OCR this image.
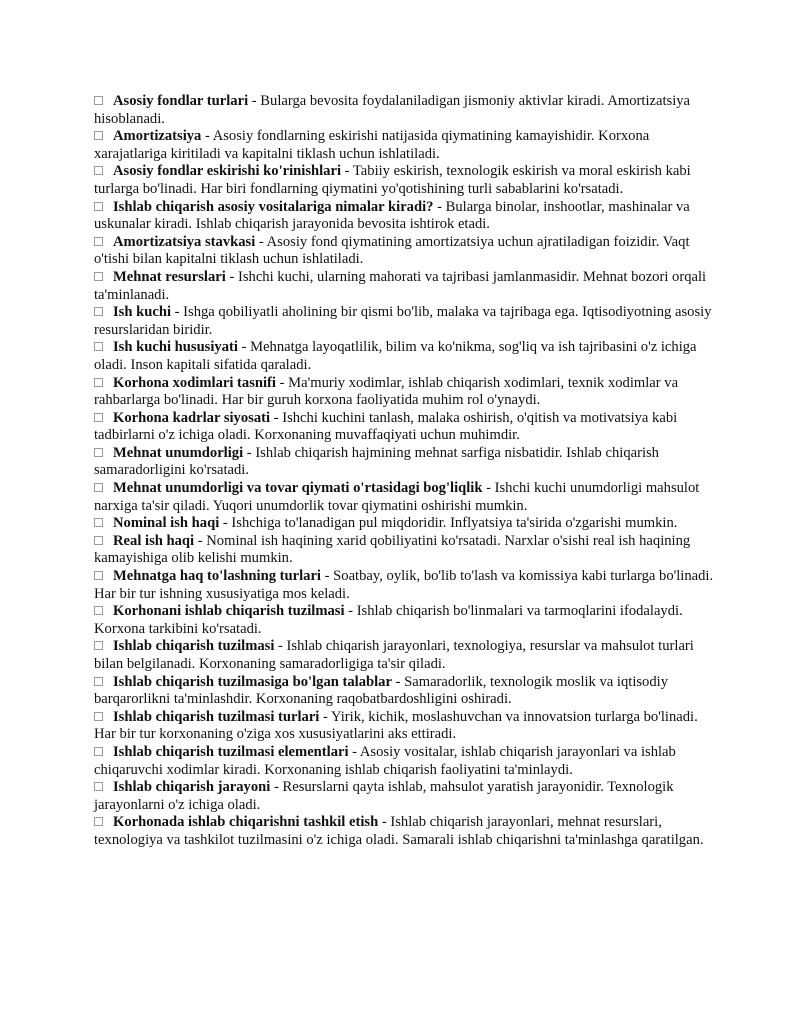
Asosiy fondlar turlari - Bularga bevosita foydalaniladigan jismoniy aktivlar kiradi. Amortizatsiya hisoblanadi.

Amortizatsiya - Asosiy fondlarning eskirishi natijasida qiymatining kamayishidir. Korxona xarajatlariga kiritiladi va kapitalni tiklash uchun ishlatiladi.

Asosiy fondlar eskirishi ko'rinishlari - Tabiiy eskirish, texnologik eskirish va moral eskirish kabi turlarga bo'linadi. Har biri fondlarning qiymatini yo'qotishining turli sabablarini ko'rsatadi.

Ishlab chiqarish asosiy vositalariga nimalar kiradi? - Bularga binolar, inshootlar, mashinalar va uskunalar kiradi. Ishlab chiqarish jarayonida bevosita ishtirok etadi.

Amortizatsiya stavkasi - Asosiy fond qiymatining amortizatsiya uchun ajratiladigan foizidir. Vaqt o'tishi bilan kapitalni tiklash uchun ishlatiladi.

Mehnat resurslari - Ishchi kuchi, ularning mahorati va tajribasi jamlanmasidir. Mehnat bozori orqali ta'minlanadi.

Ish kuchi - Ishga qobiliyatli aholining bir qismi bo'lib, malaka va tajribaga ega. Iqtisodiyotning asosiy resurslaridan biridir.

Ish kuchi hususiyati - Mehnatga layoqatlilik, bilim va ko'nikma, sog'liq va ish tajribasini o'z ichiga oladi. Inson kapitali sifatida qaraladi.

Korhona xodimlari tasnifi - Ma'muriy xodimlar, ishlab chiqarish xodimlari, texnik xodimlar va rahbarlarga bo'linadi. Har bir guruh korxona faoliyatida muhim rol o'ynaydi.

Korhona kadrlar siyosati - Ishchi kuchini tanlash, malaka oshirish, o'qitish va motivatsiya kabi tadbirlarni o'z ichiga oladi. Korxonaning muvaffaqiyati uchun muhimdir.

Mehnat unumdorligi - Ishlab chiqarish hajmining mehnat sarfiga nisbatidir. Ishlab chiqarish samaradorligini ko'rsatadi.

Mehnat unumdorligi va tovar qiymati o'rtasidagi bog'liqlik - Ishchi kuchi unumdorligi mahsulot narxiga ta'sir qiladi. Yuqori unumdorlik tovar qiymatini oshirishi mumkin.

Nominal ish haqi - Ishchiga to'lanadigan pul miqdoridir. Inflyatsiya ta'sirida o'zgarishi mumkin.

Real ish haqi - Nominal ish haqining xarid qobiliyatini ko'rsatadi. Narxlar o'sishi real ish haqining kamayishiga olib kelishi mumkin.

Mehnatga haq to'lashning turlari - Soatbay, oylik, bo'lib to'lash va komissiya kabi turlarga bo'linadi. Har bir tur ishning xususiyatiga mos keladi.

Korhonani ishlab chiqarish tuzilmasi - Ishlab chiqarish bo'linmalari va tarmoqlarini ifodalaydi. Korxona tarkibini ko'rsatadi.

Ishlab chiqarish tuzilmasi - Ishlab chiqarish jarayonlari, texnologiya, resurslar va mahsulot turlari bilan belgilanadi. Korxonaning samaradorligiga ta'sir qiladi.

Ishlab chiqarish tuzilmasiga bo'lgan talablar - Samaradorlik, texnologik moslik va iqtisodiy barqarorlikni ta'minlashdir. Korxonaning raqobatbardoshligini oshiradi.

Ishlab chiqarish tuzilmasi turlari - Yirik, kichik, moslashuvchan va innovatsion turlarga bo'linadi. Har bir tur korxonaning o'ziga xos xususiyatlarini aks ettiradi.

Ishlab chiqarish tuzilmasi elementlari - Asosiy vositalar, ishlab chiqarish jarayonlari va ishlab chiqaruvchi xodimlar kiradi. Korxonaning ishlab chiqarish faoliyatini ta'minlaydi.

Ishlab chiqarish jarayoni - Resurslarni qayta ishlab, mahsulot yaratish jarayonidir. Texnologik jarayonlarni o'z ichiga oladi.

Korhonada ishlab chiqarishni tashkil etish - Ishlab chiqarish jarayonlari, mehnat resurslari, texnologiya va tashkilot tuzilmasini o'z ichiga oladi. Samarali ishlab chiqarishni ta'minlashga qaratilgan.
